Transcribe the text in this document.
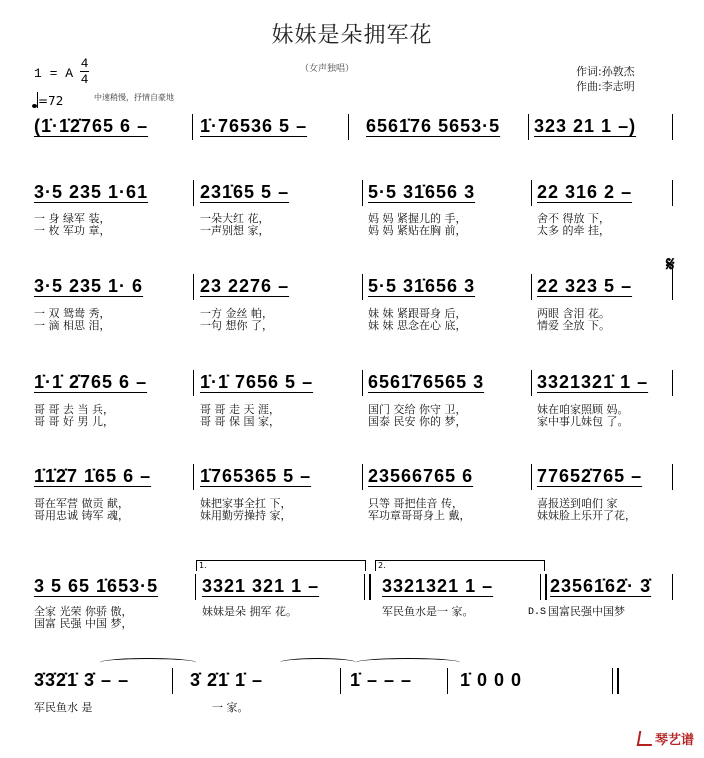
妹妹是朵拥军花
（女声独唱）	作词:孙敦杰
作曲:李志明
1 = A
4
4
=72	中速稍慢，抒情自豪地
(1̇·1̇2̇765 6 –	1̇·76536 5 –	6561̇76 5653·5 323 21 1 –)
3·5 235 1·61	231̇65 5 –	5·5 31̇656 3	22 316 2 –
一 身 绿军 装，	一朵大红 花，	妈 妈 紧握儿的 手，	舍不 得放 下，
一 枚 军功 章，	一声别想 家，	妈 妈 紧贴在胸 前，	太多 的牵 挂，
3·5 235 1· 6	23 2276 –	5·5 31̇656 3	22 323 5 –
𝄋
一 双 鸳鸯 秀，	一方 金丝 帕，	妹 妹 紧跟哥身 后，	两眼 含泪 花。
一 滴 相思 泪，	一句 想你 了，	妹 妹 思念在心 底，	情爱 全放 下。
1̇·1̇ 2̇765 6 –	1̇·1̇ 7656 5 –	6561̇76565 3	3321321̇ 1 –
哥 哥 去 当 兵，	哥 哥 走 天 涯，	国门 交给 你守 卫，	妹在咱家照顾 妈。
哥 哥 好 男 儿，	哥 哥 保 国 家，	国泰 民安 你的 梦，	家中事儿妹包 了。
1̇1̇2̇7 1̇65 6 –	1̇765365 5 –	23566765 6	77652̇765 –
哥在军营 做贡 献，	妹把家事全扛 下，	只等 哥把佳音 传，	喜报送到咱们 家
哥用忠诚 铸军 魂，	妹用勤劳操持 家，	军功章哥哥身上 戴，	妹妹脸上乐开了花，
1.	2.
3 5 65 1̇653·5 3321 321 1 –	3321321 1 –	23561̇62̇· 3̇
全家 光荣 你骄 傲，	妹妹是朵 拥军 花。	军民鱼水是一 家。	D.S 国富民强中国梦
国富 民强 中国 梦，
3̇3̇2̇1̇ 3̇ – –	3̇ 2̇1̇ 1̇ –	1̇ – – –	1̇ 0 0 0
军民鱼水 是	一 家。
琴艺谱
